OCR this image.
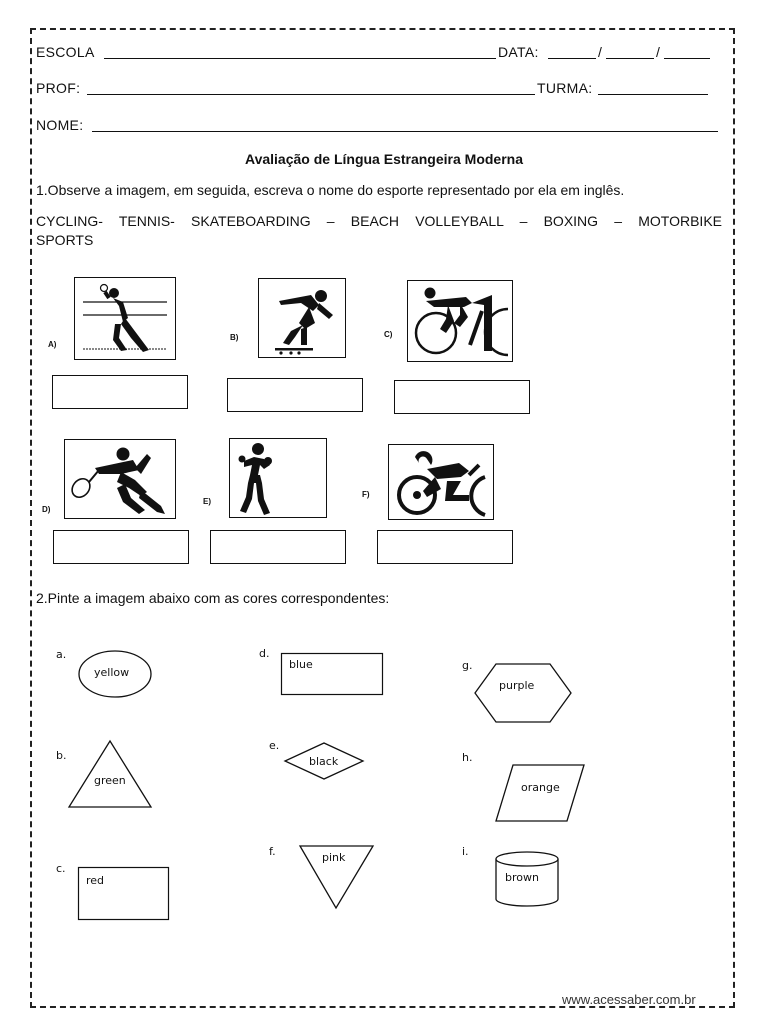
ESCOLA	DATA:	/	/
PROF:	TURMA:
NOME:
Avaliação de Língua Estrangeira Moderna
1.Observe a imagem, em seguida, escreva o nome do esporte representado por ela em inglês.
CYCLING- TENNIS- SKATEBOARDING – BEACH VOLLEYBALL – BOXING – MOTORBIKE
SPORTS
A)
B)	C)
D)
E)
F)
2.Pinte a imagem abaixo com as cores correspondentes:
a.
yellow
b.
green
c.
red
d.
blue
e.
black
f.	pink
g.
purple
h.
orange
i.
brown
www.acessaber.com.br
